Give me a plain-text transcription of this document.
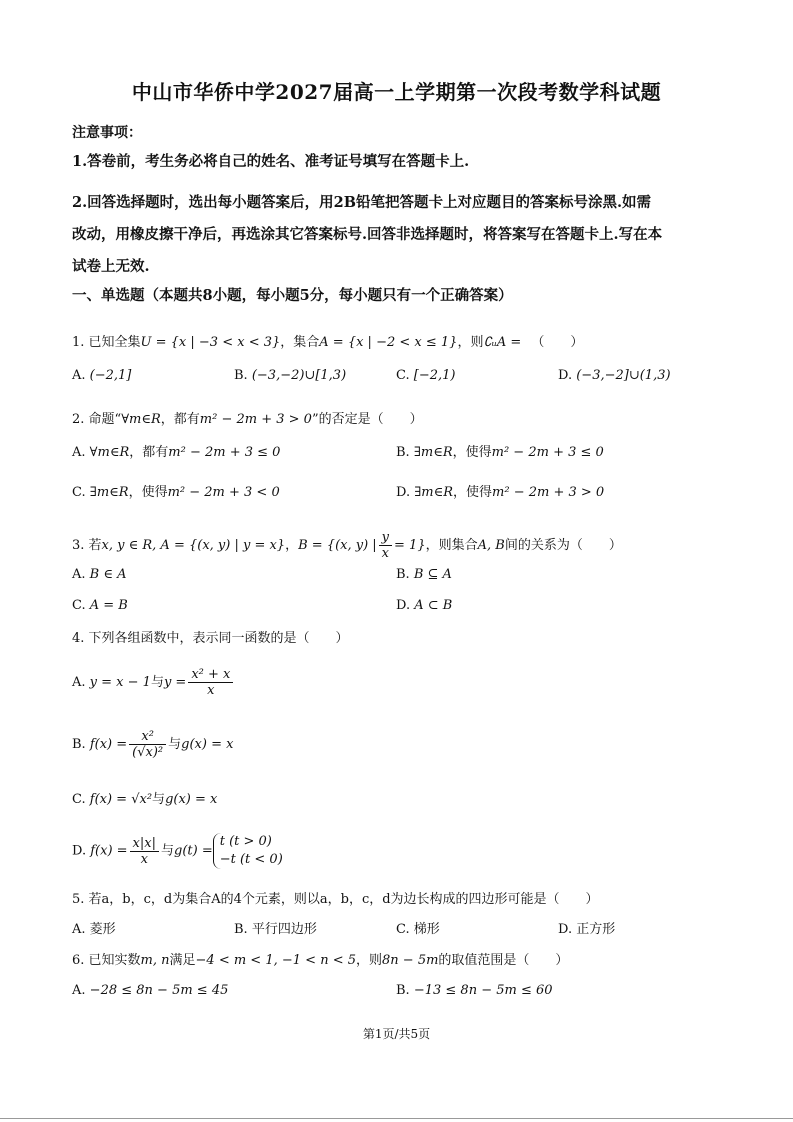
中山市华侨中学2027届高一上学期第一次段考数学科试题
注意事项：
1.答卷前，考生务必将自己的姓名、准考证号填写在答题卡上.
2.回答选择题时，选出每小题答案后，用2B铅笔把答题卡上对应题目的答案标号涂黑.如需
改动，用橡皮擦干净后，再选涂其它答案标号.回答非选择题时，将答案写在答题卡上.写在本
试卷上无效.
一、单选题（本题共8小题，每小题5分，每小题只有一个正确答案）
1. 已知全集U = {x | −3 < x < 3}，集合A = {x | −2 < x ≤ 1}，则∁ᵤA = （　　）
A. (−2,1]	B. (−3,−2)∪[1,3)	C. [−2,1)	D. (−3,−2]∪(1,3)
2. 命题“∀m∈R，都有m² − 2m + 3 > 0”的否定是（　　）
A. ∀m∈R，都有m² − 2m + 3 ≤ 0	B. ∃m∈R，使得m² − 2m + 3 ≤ 0
C. ∃m∈R，使得m² − 2m + 3 < 0	D. ∃m∈R，使得m² − 2m + 3 > 0
3. 若x, y ∈ R, A = {(x, y) | y = x}，B = {(x, y) | $\frac{y}{x} = 1$}，则集合A, B间的关系为（　　）
A. B ∈ A	B. B ⊆ A
C. A = B	D. A ⊂ B
4. 下列各组函数中，表示同一函数的是（　　）
A. y = x − 1与$y = \frac{\text{x² + x}}{x}$
B. $f(x) = \frac{\text{x²}}{\text{(√x)²}}$ 与g(x) = x
C. f(x) = √x²与g(x) = x
D. $f(x) = \frac{x|x|}{x}$ 与g(t) =
t (t > 0)
−t (t < 0)
5. 若a，b，c，d为集合A的4个元素，则以a，b，c，d为边长构成的四边形可能是（　　）
A. 菱形	B. 平行四边形	C. 梯形	D. 正方形
6. 已知实数m, n满足−4 < m < 1, −1 < n < 5，则8n − 5m的取值范围是（　　）
A. −28 ≤ 8n − 5m ≤ 45	B. −13 ≤ 8n − 5m ≤ 60
第1页/共5页
